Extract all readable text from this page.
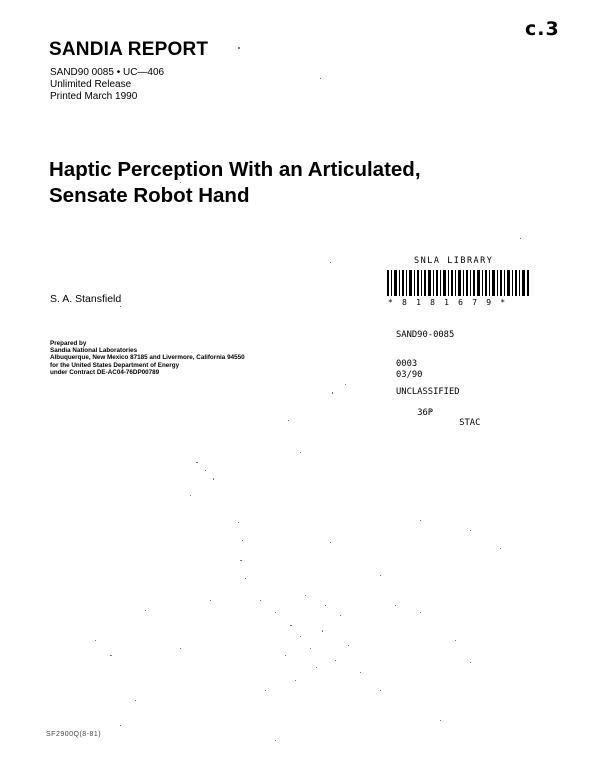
c.3
SANDIA REPORT
SAND90 0085 • UC—406
Unlimited Release
Printed March 1990
Haptic Perception With an Articulated,
Sensate Robot Hand
S. A. Stansfield
Prepared by
Sandia National Laboratories
Albuquerque, New Mexico 87185 and Livermore, California 94550
for the United States Department of Energy
under Contract DE-AC04-76DP00789
SNLA LIBRARY
* 8 1 8 1 6 7 9 *

SAND90-0085

0003

UNCLASSIFIED

03/90

36P
STAC

SF2900Q(8-81)
